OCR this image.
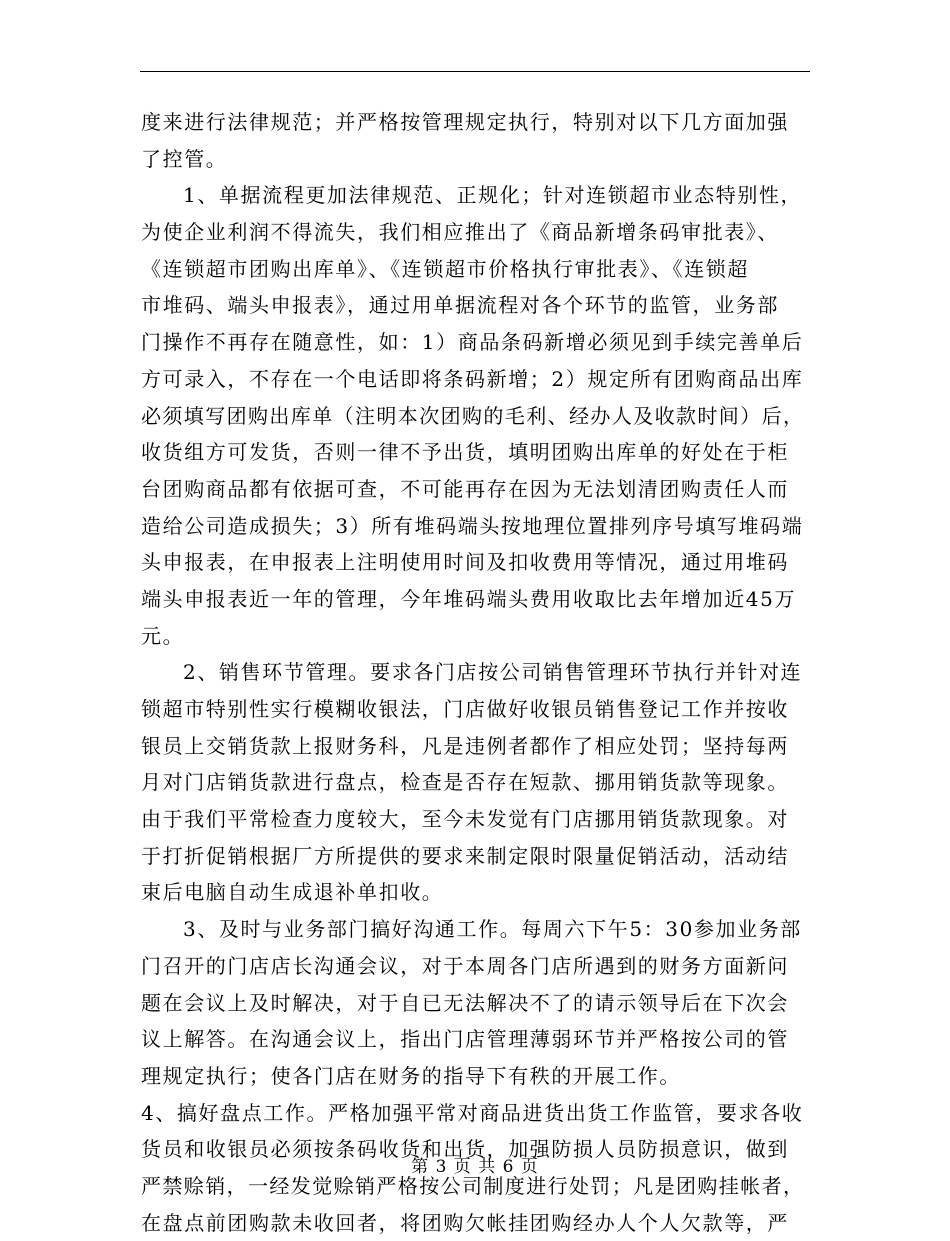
度来进行法律规范；并严格按管理规定执行，特别对以下几方面加强
了控管。
1、单据流程更加法律规范、正规化；针对连锁超市业态特别性，
为使企业利润不得流失，我们相应推出了《商品新增条码审批表》、
《连锁超市团购出库单》、《连锁超市价格执行审批表》、《连锁超
市堆码、端头申报表》，通过用单据流程对各个环节的监管，业务部
门操作不再存在随意性，如：1）商品条码新增必须见到手续完善单后
方可录入，不存在一个电话即将条码新增；2）规定所有团购商品出库
必须填写团购出库单（注明本次团购的毛利、经办人及收款时间）后，
收货组方可发货，否则一律不予出货，填明团购出库单的好处在于柜
台团购商品都有依据可查，不可能再存在因为无法划清团购责任人而
造给公司造成损失；3）所有堆码端头按地理位置排列序号填写堆码端
头申报表，在申报表上注明使用时间及扣收费用等情况，通过用堆码
端头申报表近一年的管理，今年堆码端头费用收取比去年增加近45万
元。
2、销售环节管理。要求各门店按公司销售管理环节执行并针对连
锁超市特别性实行模糊收银法，门店做好收银员销售登记工作并按收
银员上交销货款上报财务科，凡是违例者都作了相应处罚；坚持每两
月对门店销货款进行盘点，检查是否存在短款、挪用销货款等现象。
由于我们平常检查力度较大，至今未发觉有门店挪用销货款现象。对
于打折促销根据厂方所提供的要求来制定限时限量促销活动，活动结
束后电脑自动生成退补单扣收。
3、及时与业务部门搞好沟通工作。每周六下午5：30参加业务部
门召开的门店店长沟通会议，对于本周各门店所遇到的财务方面新问
题在会议上及时解决，对于自已无法解决不了的请示领导后在下次会
议上解答。在沟通会议上，指出门店管理薄弱环节并严格按公司的管
理规定执行；使各门店在财务的指导下有秩的开展工作。
4、搞好盘点工作。严格加强平常对商品进货出货工作监管，要求各收
货员和收银员必须按条码收货和出货，加强防损人员防损意识，做到
严禁赊销，一经发觉赊销严格按公司制度进行处罚；凡是团购挂帐者，
在盘点前团购款未收回者，将团购欠帐挂团购经办人个人欠款等，严
第 3 页 共 6 页
